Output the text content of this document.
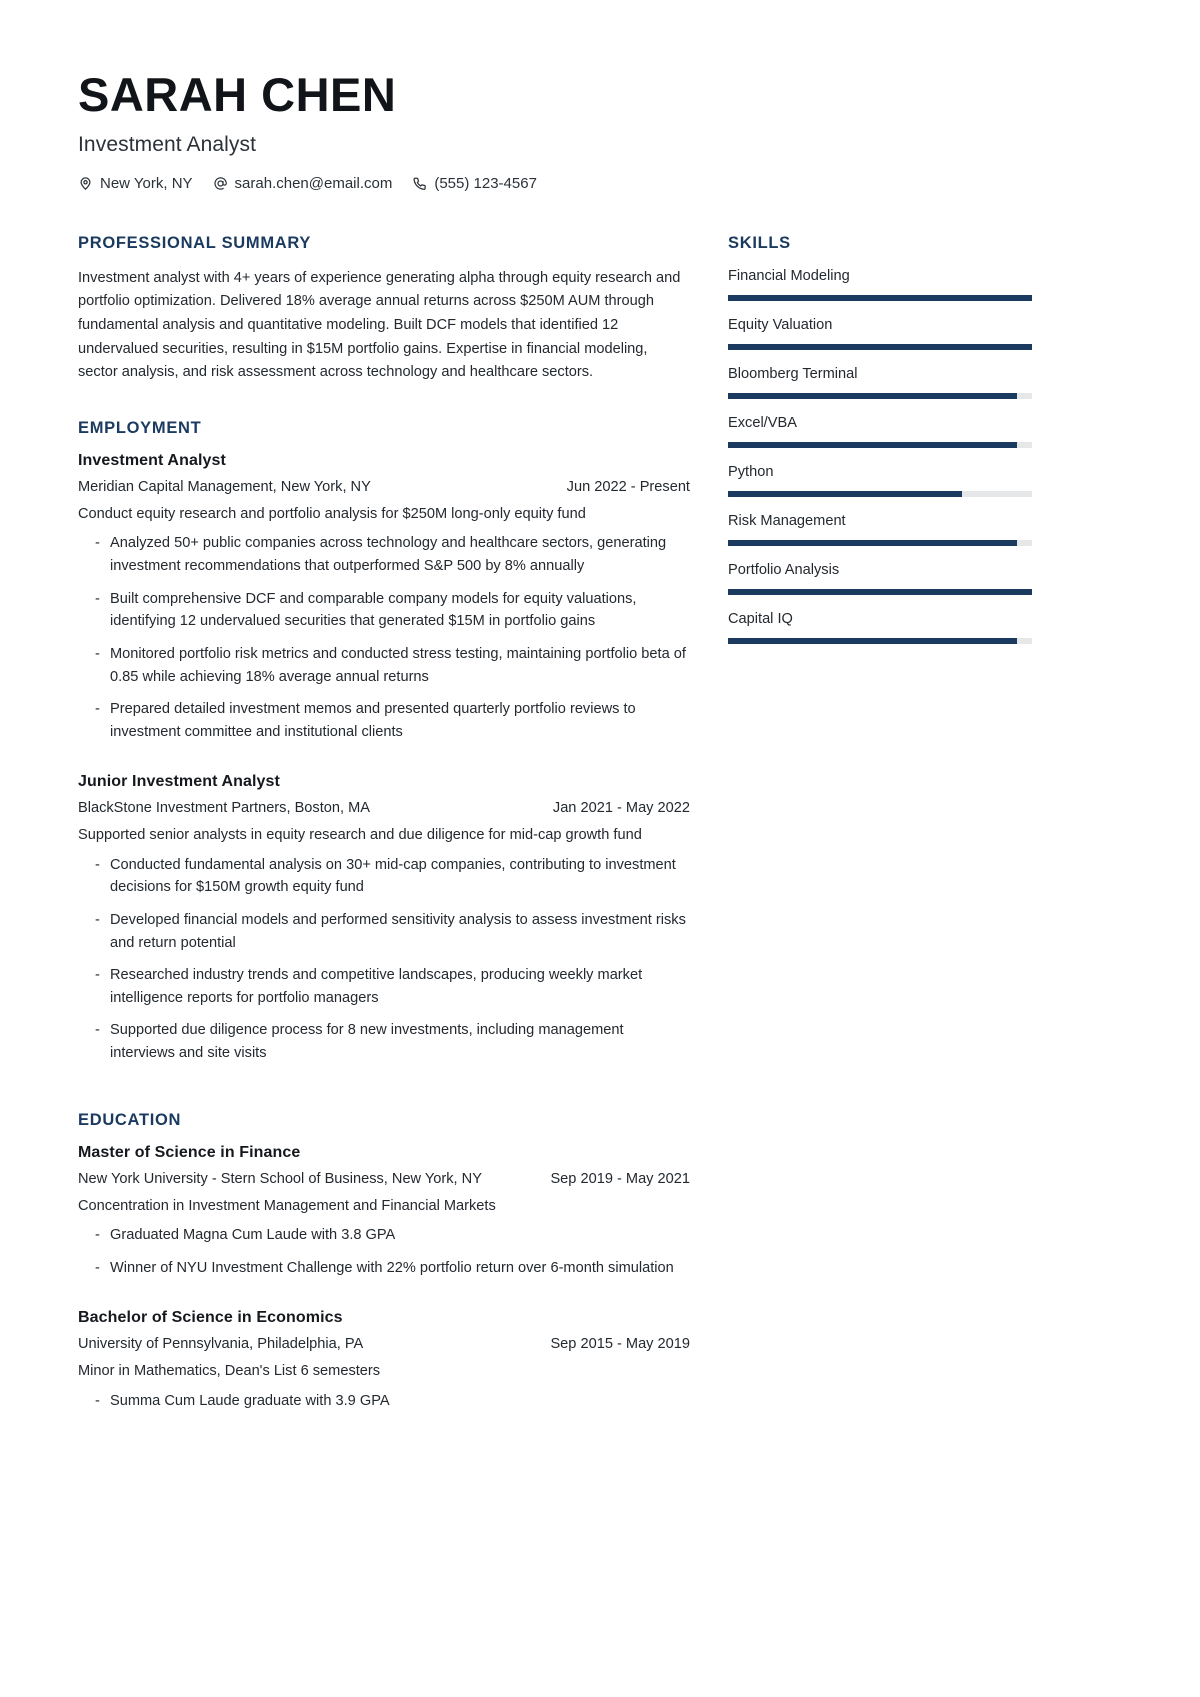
SARAH CHEN
Investment Analyst
New York, NY	sarah.chen@email.com	(555) 123-4567
PROFESSIONAL SUMMARY

Investment analyst with 4+ years of experience generating alpha through equity research and portfolio optimization. Delivered 18% average annual returns across $250M AUM through fundamental analysis and quantitative modeling. Built DCF models that identified 12 undervalued securities, resulting in $15M portfolio gains. Expertise in financial modeling, sector analysis, and risk assessment across technology and healthcare sectors.

EMPLOYMENT
Investment Analyst
Meridian Capital Management, New York, NY	Jun 2022 - Present
Conduct equity research and portfolio analysis for $250M long-only equity fund
- Analyzed 50+ public companies across technology and healthcare sectors, generating investment recommendations that outperformed S&P 500 by 8% annually
- Built comprehensive DCF and comparable company models for equity valuations, identifying 12 undervalued securities that generated $15M in portfolio gains
- Monitored portfolio risk metrics and conducted stress testing, maintaining portfolio beta of 0.85 while achieving 18% average annual returns
- Prepared detailed investment memos and presented quarterly portfolio reviews to investment committee and institutional clients
Junior Investment Analyst
BlackStone Investment Partners, Boston, MA	Jan 2021 - May 2022
Supported senior analysts in equity research and due diligence for mid-cap growth fund
- Conducted fundamental analysis on 30+ mid-cap companies, contributing to investment decisions for $150M growth equity fund
- Developed financial models and performed sensitivity analysis to assess investment risks and return potential
- Researched industry trends and competitive landscapes, producing weekly market intelligence reports for portfolio managers
- Supported due diligence process for 8 new investments, including management interviews and site visits
EDUCATION
Master of Science in Finance
New York University - Stern School of Business, New York, NY	Sep 2019 - May 2021
Concentration in Investment Management and Financial Markets
- Graduated Magna Cum Laude with 3.8 GPA
- Winner of NYU Investment Challenge with 22% portfolio return over 6-month simulation
Bachelor of Science in Economics
University of Pennsylvania, Philadelphia, PA	Sep 2015 - May 2019
Minor in Mathematics, Dean's List 6 semesters
- Summa Cum Laude graduate with 3.9 GPA
SKILLS
Financial Modeling
Equity Valuation
Bloomberg Terminal
Excel/VBA
Python
Risk Management
Portfolio Analysis
Capital IQ
